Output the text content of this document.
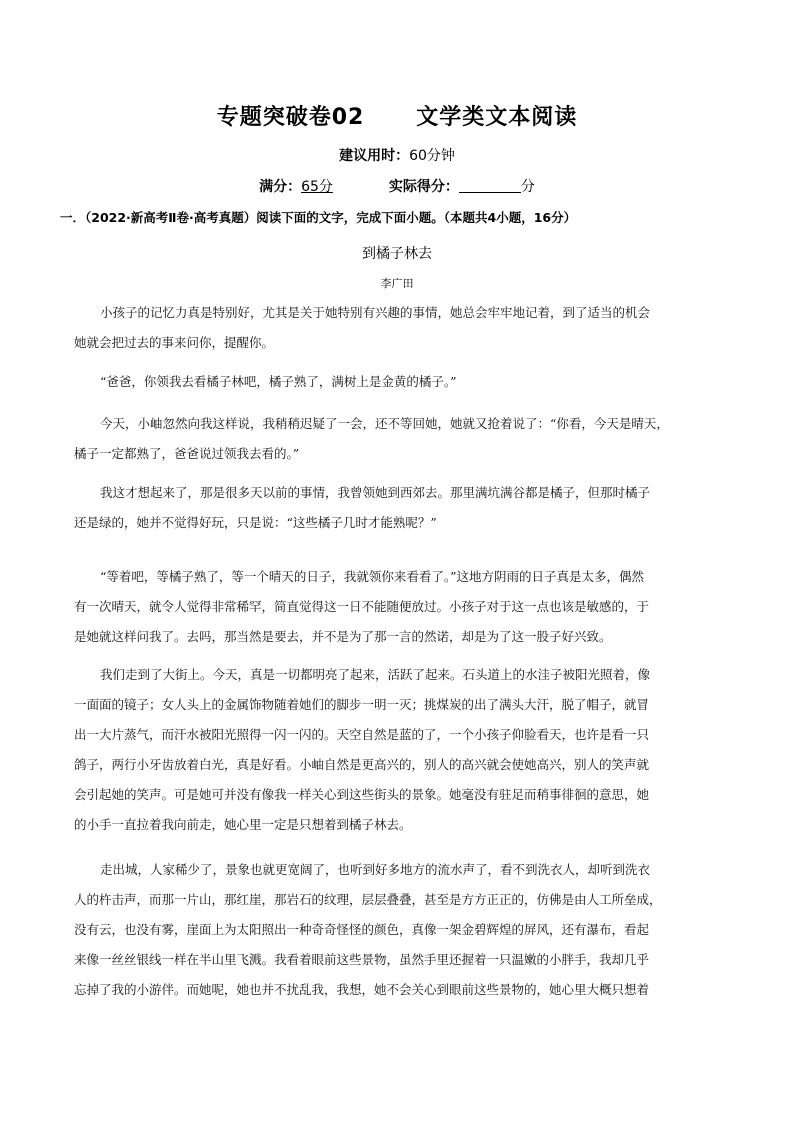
专题突破卷02      文学类文本阅读
建议用时：60分钟
满分：65分	实际得分：	分
一．（2022·新高考Ⅱ卷·高考真题）阅读下面的文字，完成下面小题。（本题共4小题，16分）
到橘子林去
李广田
小孩子的记忆力真是特别好，尤其是关于她特别有兴趣的事情，她总会牢牢地记着，到了适当的机会
她就会把过去的事来问你，提醒你。
“爸爸，你领我去看橘子林吧，橘子熟了，满树上是金黄的橘子。”
今天，小岫忽然向我这样说，我稍稍迟疑了一会，还不等回她，她就又抢着说了：“你看，今天是晴天，
橘子一定都熟了，爸爸说过领我去看的。”
我这才想起来了，那是很多天以前的事情，我曾领她到西郊去。那里满坑满谷都是橘子，但那时橘子
还是绿的，她并不觉得好玩，只是说：“这些橘子几时才能熟呢？”
“等着吧，等橘子熟了，等一个晴天的日子，我就领你来看看了。”这地方阴雨的日子真是太多，偶然
有一次晴天，就令人觉得非常稀罕，简直觉得这一日不能随便放过。小孩子对于这一点也该是敏感的，于
是她就这样问我了。去吗，那当然是要去，并不是为了那一言的然诺，却是为了这一股子好兴致。
我们走到了大街上。今天，真是一切都明亮了起来，活跃了起来。石头道上的水洼子被阳光照着，像
一面面的镜子；女人头上的金属饰物随着她们的脚步一明一灭；挑煤炭的出了满头大汗，脱了帽子，就冒
出一大片蒸气，而汗水被阳光照得一闪一闪的。天空自然是蓝的了，一个小孩子仰脸看天，也许是看一只
鸽子，两行小牙齿放着白光，真是好看。小岫自然是更高兴的，别人的高兴就会使她高兴，别人的笑声就
会引起她的笑声。可是她可并没有像我一样关心到这些街头的景象。她毫没有驻足而稍事徘徊的意思，她
的小手一直拉着我向前走，她心里一定是只想着到橘子林去。
走出城，人家稀少了，景象也就更宽阔了，也听到好多地方的流水声了，看不到洗衣人，却听到洗衣
人的杵击声，而那一片山，那红崖，那岩石的纹理，层层叠叠，甚至是方方正正的，仿佛是由人工所垒成，
没有云，也没有雾，崖面上为太阳照出一种奇奇怪怪的颜色，真像一架金碧辉煌的屏风，还有瀑布，看起
来像一丝丝银线一样在半山里飞溅。我看着眼前这些景物，虽然手里还握着一只温嫩的小胖手，我却几乎
忘掉了我的小游伴。而她呢，她也并不扰乱我，我想，她不会关心到眼前这些景物的，她心里大概只想着
